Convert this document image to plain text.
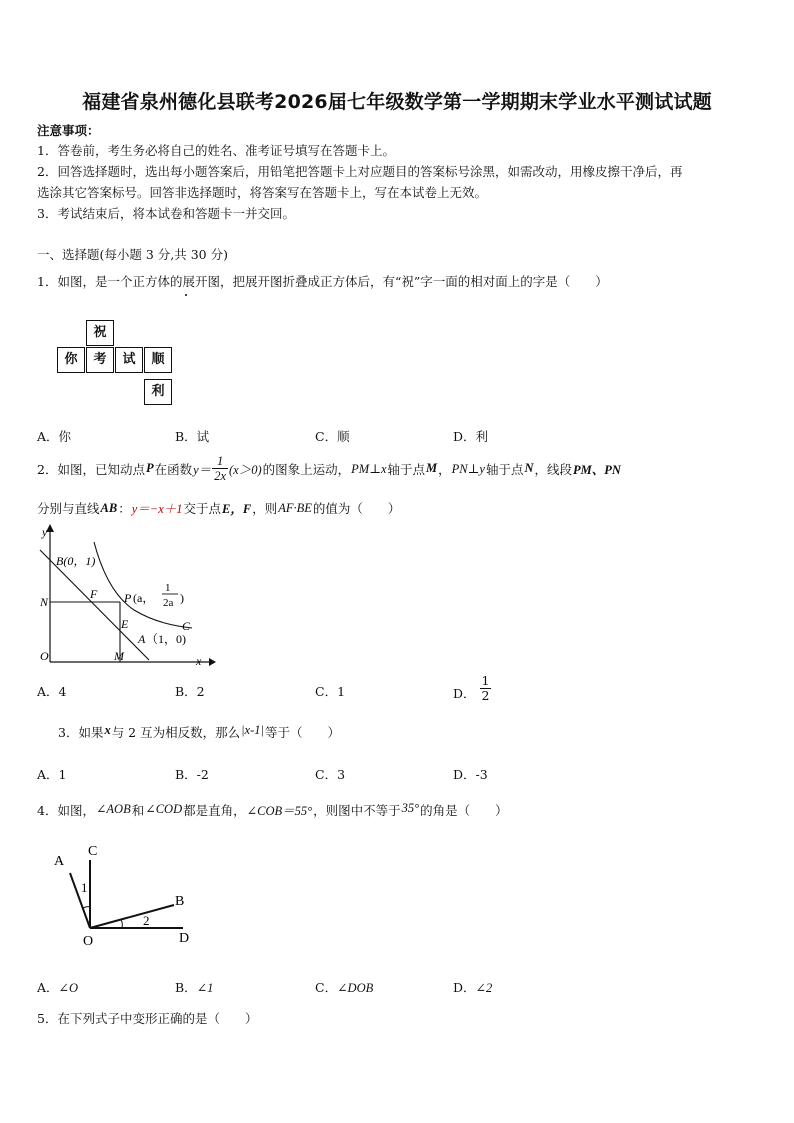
福建省泉州德化县联考2026届七年级数学第一学期期末学业水平测试试题
注意事项：
1．答卷前，考生务必将自己的姓名、准考证号填写在答题卡上。
2．回答选择题时，选出每小题答案后，用铅笔把答题卡上对应题目的答案标号涂黑，如需改动，用橡皮擦干净后，再
选涂其它答案标号。回答非选择题时，将答案写在答题卡上，写在本试卷上无效。
3．考试结束后，将本试卷和答题卡一并交回。
一、选择题(每小题 3 分,共 30 分)
1．如图，是一个正方体的展开图，把展开图折叠成正方体后，有“祝”字一面的相对面上的字是（　　）
祝
你	考	试	顺
利
A．你	B．试	C．顺	D．利
2．如图，已知动点 P 在函数 $y= \frac{1}{2x} (x>0)$ 的图象上运动， PM⊥x 轴于点 M ， PN⊥y 轴于点 N ，线段 PM、PN
分别与直线 AB ： y＝−x＋1 交于点 E，F ，则 AF·BE 的值为（　　）
y
x
O
B(0，1)
N
F P (a，
1
2a )
E
A （1，0)
C
M
A．4	B．2	C．1	D． $\frac{1}{2}$
3．如果 x 与 2 互为相反数，那么 |x-1| 等于（　　）
A．1	B．-2	C．3	D．-3
4．如图， ∠AOB 和 ∠COD 都是直角， ∠COB＝55° ，则图中不等于 35° 的角是（　　）
A
C
B
O	D
1
2
A．∠O	B．∠1	C．∠DOB	D．∠2
5．在下列式子中变形正确的是（　　）
